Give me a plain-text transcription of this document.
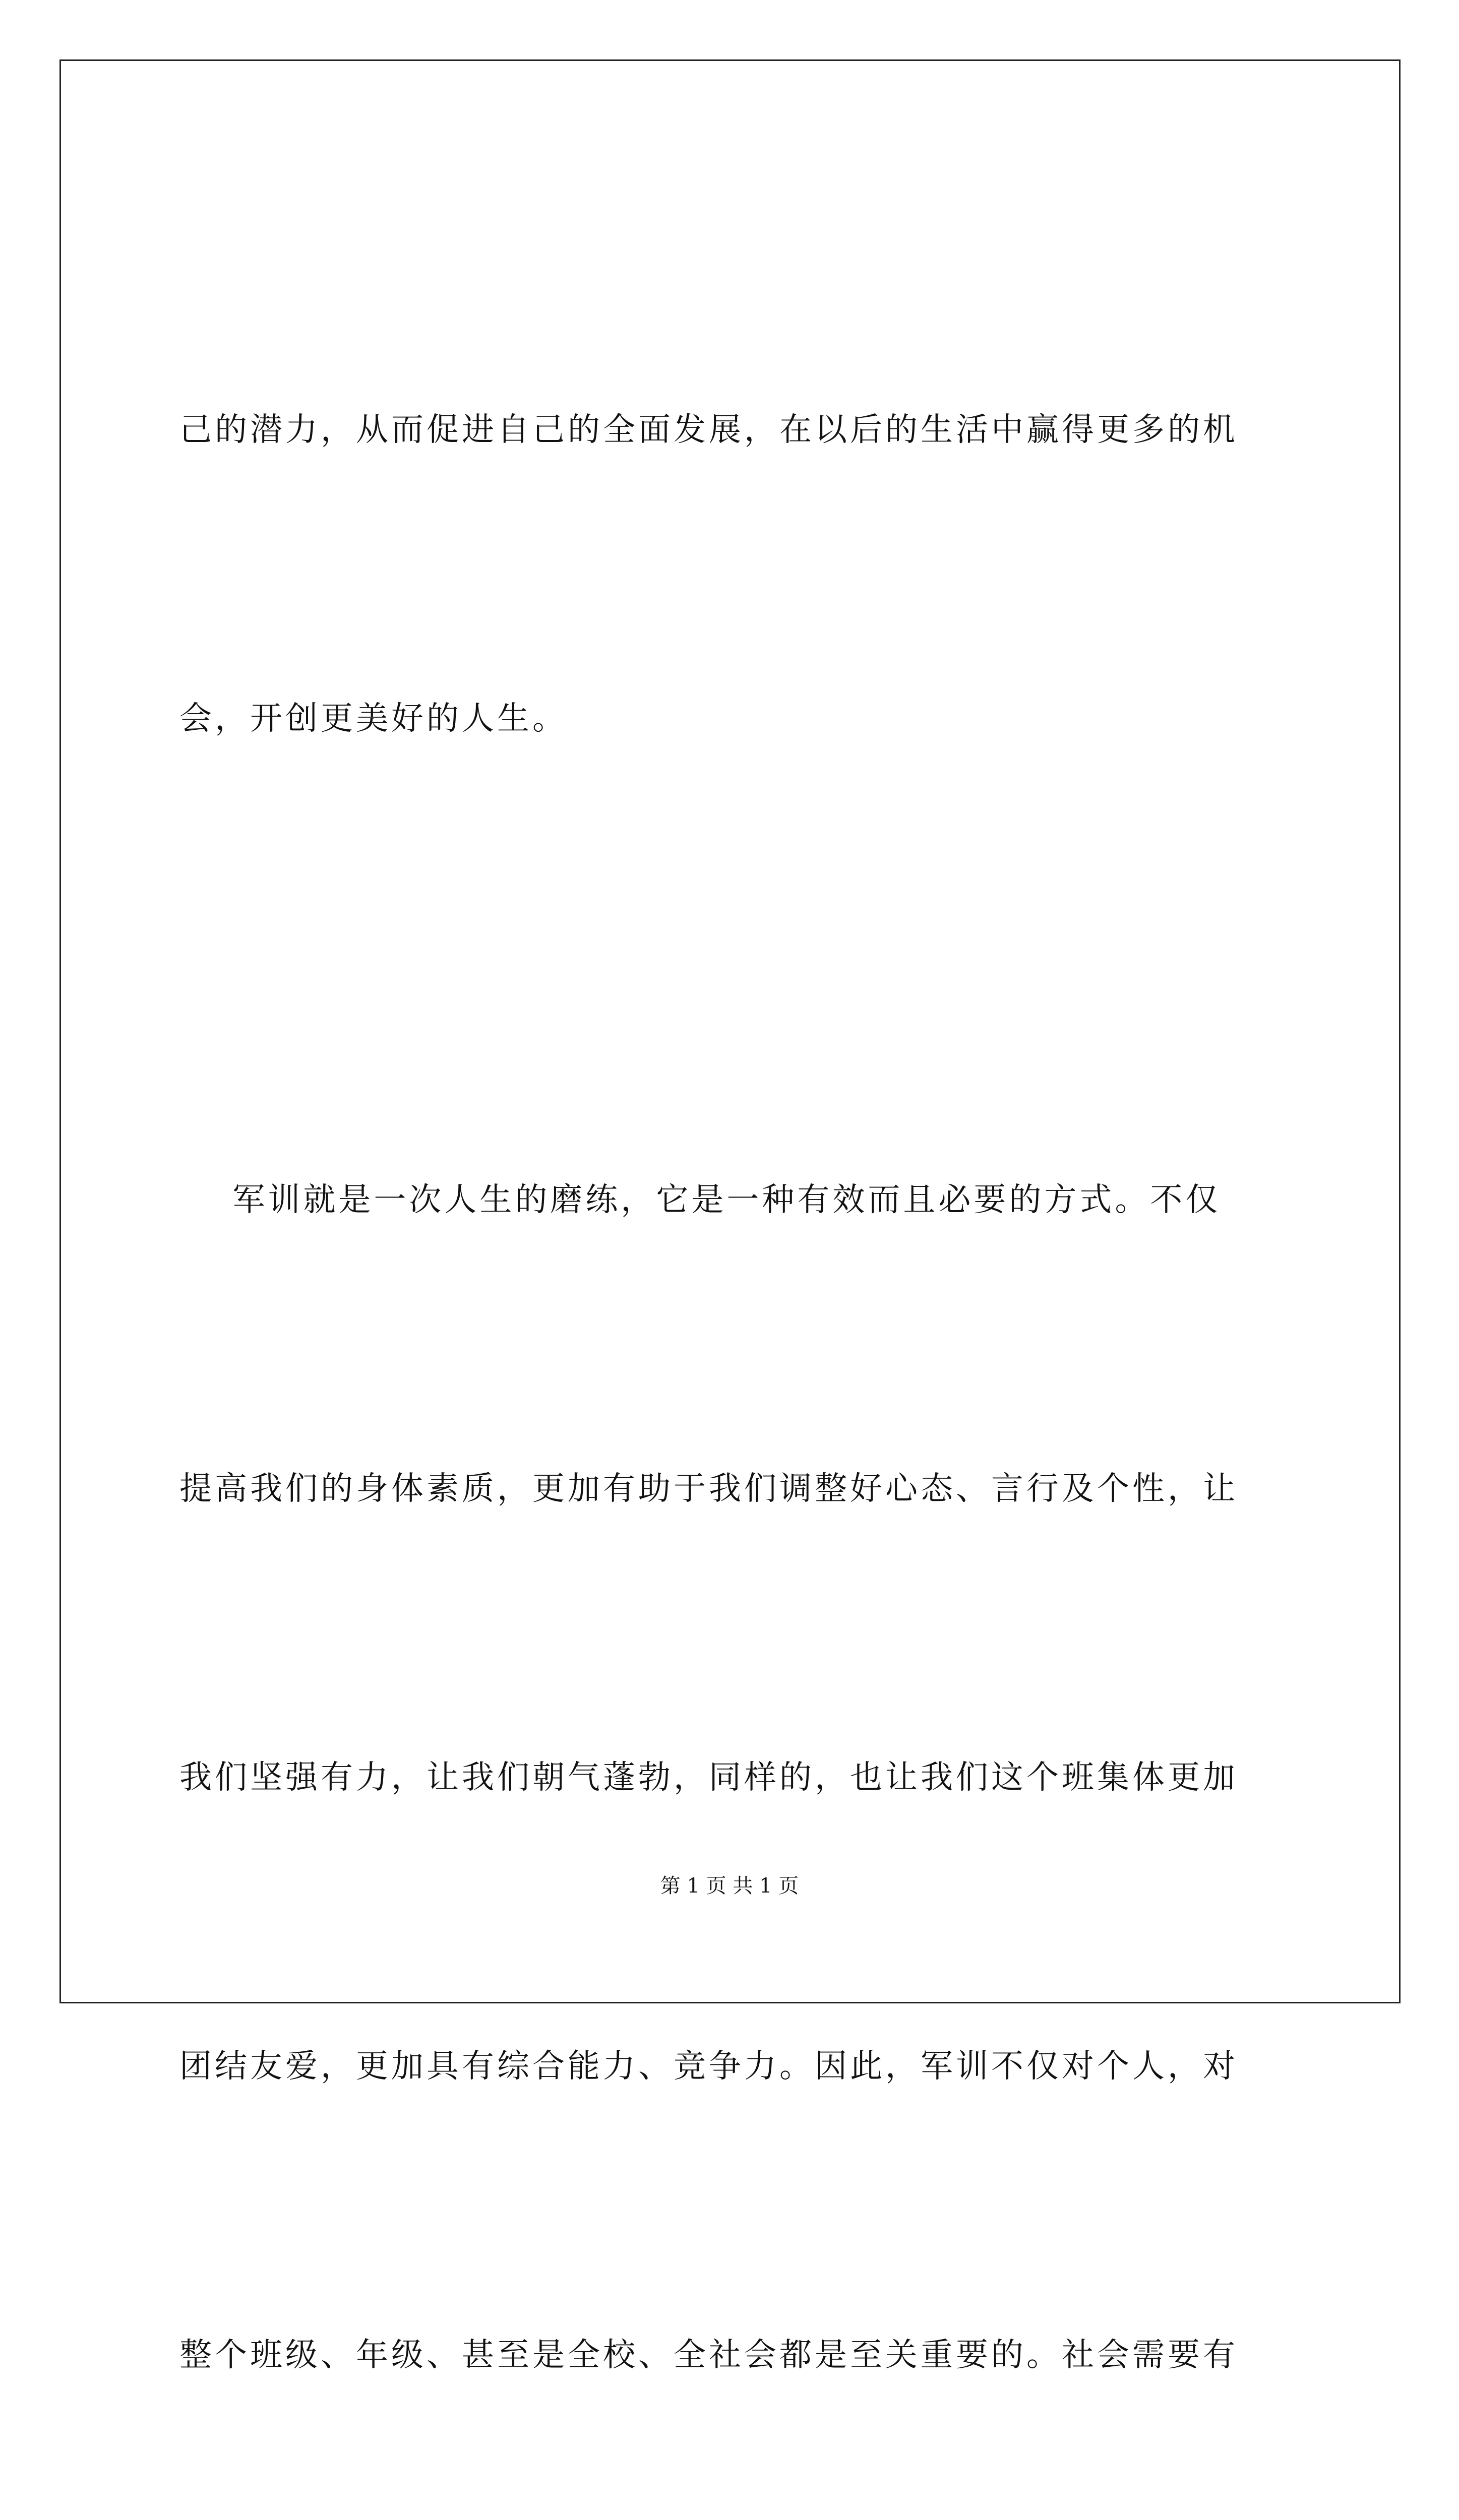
己的潜力，从而促进自己的全面发展，在以后的生活中赢得更多的机

会，开创更美好的人生。

军训就是一次人生的磨练，它是一种有效而且必要的方式。不仅

提高我们的身体素质，更加有助于我们调整好心态、言行及个性，让

我们坚强有力，让我们朝气蓬勃，同样的，也让我们这个班集体更加

团结友爱，更加具有综合能力、竞争力。因此，军训不仅对个人，对

整个班级、年级、甚至是全校、全社会都是至关重要的。社会需要有

第 1 页 共 1 页
